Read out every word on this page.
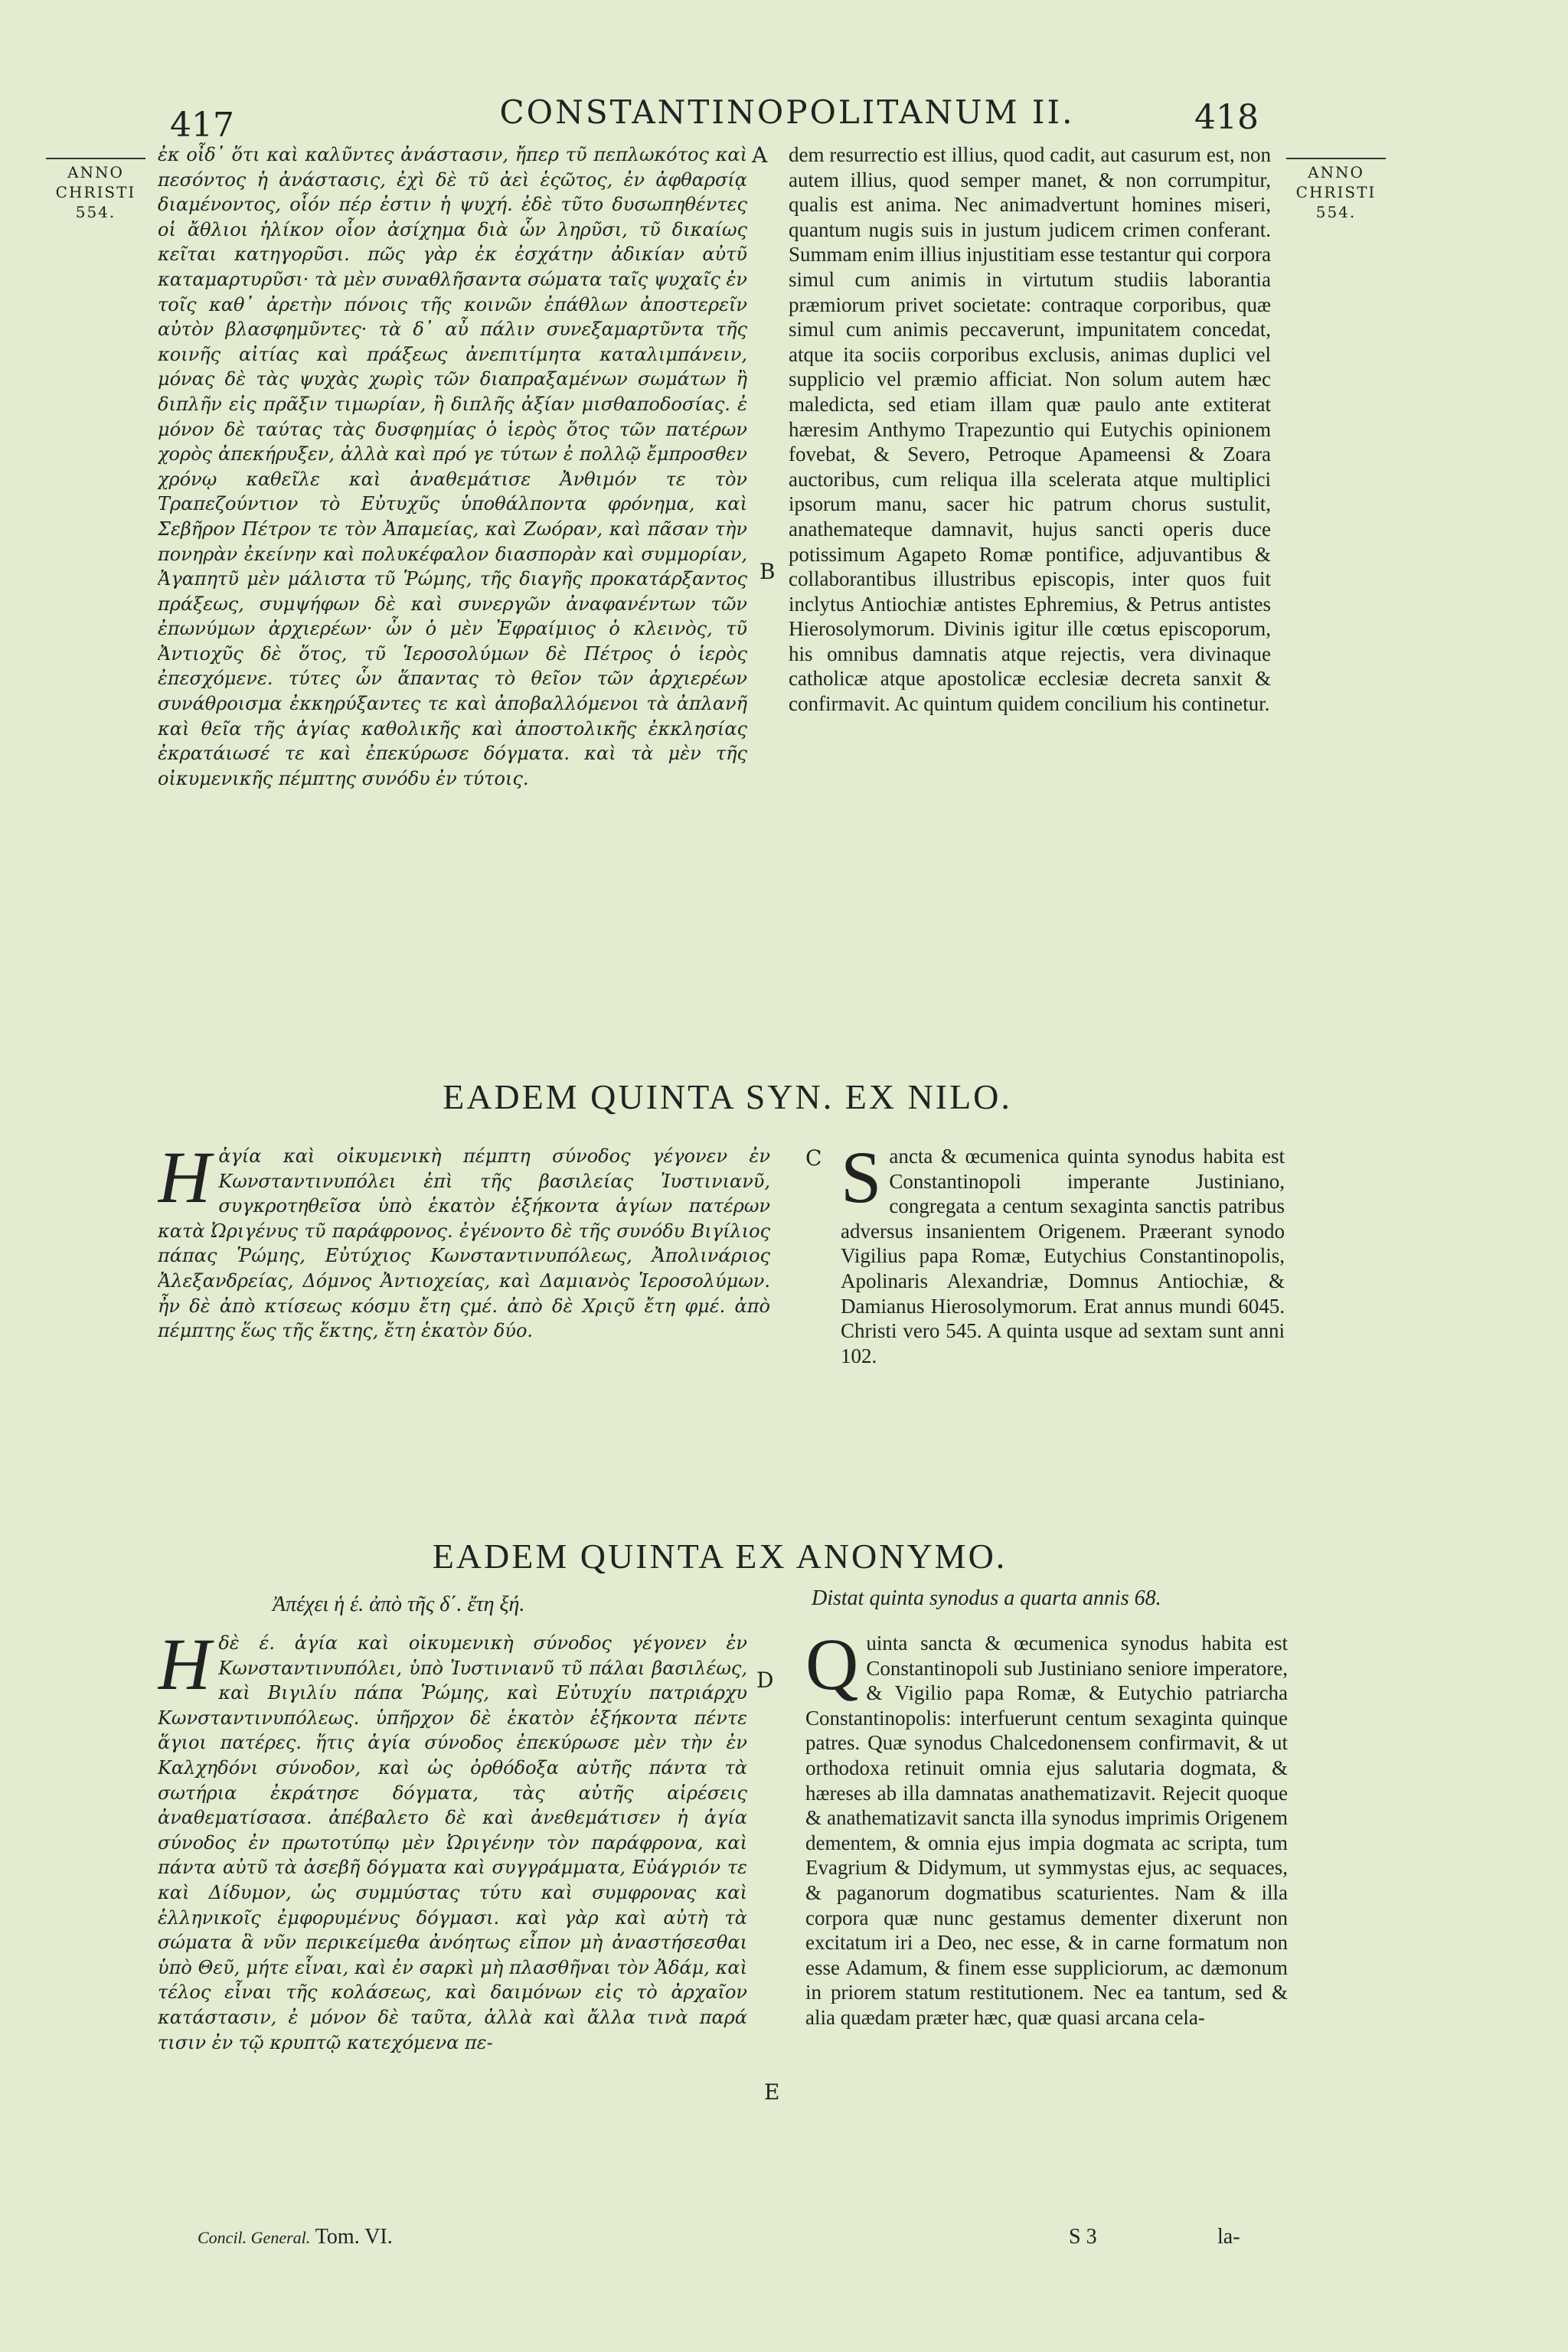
417	CONSTANTINOPOLITANUM II.	418
ANNO
CHRISTI
554.
ANNO
CHRISTI
554.
A
B
C
D
E

ἐκ οἶδ᾽ ὅτι καὶ καλῦντες ἀνάστασιν, ἤπερ τῦ πεπλωκότος καὶ πεσόντος ἡ ἀνάστασις, ἐχὶ δὲ τῦ ἀεὶ ἑςῶτος, ἐν ἀφθαρσίᾳ διαμένοντος, οἷόν πέρ ἐστιν ἡ ψυχή. ἐδὲ τῦτο δυσωπηθέντες οἱ ἄθλιοι ἡλίκον οἷον ἀσίχημα διὰ ὧν ληρῦσι, τῦ δικαίως κεῖται κατηγορῦσι. πῶς γὰρ ἐκ ἐσχάτην ἀδικίαν αὐτῦ καταμαρτυρῦσι· τὰ μὲν συναθλῆσαντα σώματα ταῖς ψυχαῖς ἐν τοῖς καθ᾽ ἀρετὴν πόνοις τῆς κοινῶν ἐπάθλων ἀποστερεῖν αὐτὸν βλασφημῦντες· τὰ δ᾽ αὖ πάλιν συνεξαμαρτῦντα τῆς κοινῆς αἰτίας καὶ πράξεως ἀνεπιτίμητα καταλιμπάνειν, μόνας δὲ τὰς ψυχὰς χωρὶς τῶν διαπραξαμένων σωμάτων ἢ διπλῆν εἰς πρᾶξιν τιμωρίαν, ἢ διπλῆς ἀξίαν μισθαποδοσίας. ἐ μόνον δὲ ταύτας τὰς δυσφημίας ὁ ἱερὸς ὅτος τῶν πατέρων χορὸς ἀπεκήρυξεν, ἀλλὰ καὶ πρό γε τύτων ἐ πολλῷ ἔμπροσθεν χρόνῳ καθεῖλε καὶ ἀναθεμάτισε Ἀνθιμόν τε τὸν Τραπεζούντιον τὸ Εὐτυχῦς ὑποθάλποντα φρόνημα, καὶ Σεβῆρον Πέτρον τε τὸν Ἀπαμείας, καὶ Ζωόραν, καὶ πᾶσαν τὴν πονηρὰν ἐκείνην καὶ πολυκέφαλον διασπορὰν καὶ συμμορίαν, Ἀγαπητῦ μὲν μάλιστα τῦ Ῥώμης, τῆς διαγῆς προκατάρξαντος πράξεως, συμψήφων δὲ καὶ συνεργῶν ἀναφανέντων τῶν ἐπωνύμων ἀρχιερέων· ὧν ὁ μὲν Ἐφραίμιος ὁ κλεινὸς, τῦ Ἀντιοχῦς δὲ ὅτος, τῦ Ἱεροσολύμων δὲ Πέτρος ὁ ἱερὸς ἐπεσχόμενε. τύτες ὧν ἅπαντας τὸ θεῖον τῶν ἀρχιερέων συνάθροισμα ἐκκηρύξαντες τε καὶ ἀποβαλλόμενοι τὰ ἀπλανῆ καὶ θεῖα τῆς ἁγίας καθολικῆς καὶ ἀποστολικῆς ἐκκλησίας ἐκρατάιωσέ τε καὶ ἐπεκύρωσε δόγματα. καὶ τὰ μὲν τῆς οἰκυμενικῆς πέμπτης συνόδυ ἐν τύτοις.

dem resurrectio est illius, quod cadit, aut casurum est, non autem illius, quod semper manet, & non corrumpitur, qualis est anima. Nec animadvertunt homines miseri, quantum nugis suis in justum judicem crimen conferant. Summam enim illius injustitiam esse testantur qui corpora simul cum animis in virtutum studiis laborantia præmiorum privet societate: contraque corporibus, quæ simul cum animis peccaverunt, impunitatem concedat, atque ita sociis corporibus exclusis, animas duplici vel supplicio vel præmio afficiat. Non solum autem hæc maledicta, sed etiam illam quæ paulo ante extiterat hæresim Anthymo Trapezuntio qui Eutychis opinionem fovebat, & Severo, Petroque Apameensi & Zoara auctoribus, cum reliqua illa scelerata atque multiplici ipsorum manu, sacer hic patrum chorus sustulit, anathemateque damnavit, hujus sancti operis duce potissimum Agapeto Romæ pontifice, adjuvantibus & collaborantibus illustribus episcopis, inter quos fuit inclytus Antiochiæ antistes Ephremius, & Petrus antistes Hierosolymorum. Divinis igitur ille cœtus episcoporum, his omnibus damnatis atque rejectis, vera divinaque catholicæ atque apostolicæ ecclesiæ decreta sanxit & confirmavit. Ac quintum quidem concilium his continetur.

EADEM QUINTA SYN. EX NILO.
Η ἁγία καὶ οἰκυμενικὴ πέμπτη σύνοδος γέγονεν ἐν Κωνσταντινυπόλει ἐπὶ τῆς βασιλείας Ἰυστινιανῦ, συγκροτηθεῖσα ὑπὸ ἑκατὸν ἑξήκοντα ἁγίων πατέρων κατὰ Ὠριγένυς τῦ παράφρονος. ἐγένοντο δὲ τῆς συνόδυ Βιγίλιος πάπας Ῥώμης, Εὐτύχιος Κωνσταντινυπόλεως, Ἀπολινάριος Ἀλεξανδρείας, Δόμνος Ἀντιοχείας, καὶ Δαμιανὸς Ἱεροσολύμων. ἦν δὲ ἀπὸ κτίσεως κόσμυ ἔτη ςμέ. ἀπὸ δὲ Χριςῦ ἔτη φμέ. ἀπὸ πέμπτης ἕως τῆς ἕκτης, ἔτη ἑκατὸν δύο.

S ancta & œcumenica quinta synodus habita est Constantinopoli imperante Justiniano, congregata a centum sexaginta sanctis patribus adversus insanientem Origenem. Præerant synodo Vigilius papa Romæ, Eutychius Constantinopolis, Apolinaris Alexandriæ, Domnus Antiochiæ, & Damianus Hierosolymorum. Erat annus mundi 6045. Christi vero 545. A quinta usque ad sextam sunt anni 102.

EADEM QUINTA EX ANONYMO.
Ἀπέχει ἡ έ. ἀπὸ τῆς δ΄. ἔτη ξή.	Distat quinta synodus a quarta annis 68.
Η δὲ έ. ἁγία καὶ οἰκυμενικὴ σύνοδος γέγονεν ἐν Κωνσταντινυπόλει, ὑπὸ Ἰυστινιανῦ τῦ πάλαι βασιλέως, καὶ Βιγιλίυ πάπα Ῥώμης, καὶ Εὐτυχίυ πατριάρχυ Κωνσταντινυπόλεως. ὑπῆρχον δὲ ἑκατὸν ἑξήκοντα πέντε ἅγιοι πατέρες. ἥτις ἁγία σύνοδος ἐπεκύρωσε μὲν τὴν ἐν Καλχηδόνι σύνοδον, καὶ ὡς ὀρθόδοξα αὐτῆς πάντα τὰ σωτήρια ἐκράτησε δόγματα, τὰς αὐτῆς αἱρέσεις ἀναθεματίσασα. ἀπέβαλετο δὲ καὶ ἀνεθεμάτισεν ἡ ἁγία σύνοδος ἐν πρωτοτύπῳ μὲν Ὠριγένην τὸν παράφρονα, καὶ πάντα αὐτῦ τὰ ἀσεβῆ δόγματα καὶ συγγράμματα, Εὐάγριόν τε καὶ Δίδυμον, ὡς συμμύστας τύτυ καὶ συμφρονας καὶ ἑλληνικοῖς ἐμφορυμένυς δόγμασι. καὶ γὰρ καὶ αὐτὴ τὰ σώματα ἃ νῦν περικείμεθα ἀνόητως εἶπον μὴ ἀναστήσεσθαι ὑπὸ Θεῦ, μήτε εἶναι, καὶ ἐν σαρκὶ μὴ πλασθῆναι τὸν Ἀδάμ, καὶ τέλος εἶναι τῆς κολάσεως, καὶ δαιμόνων εἰς τὸ ἀρχαῖον κατάστασιν, ἐ μόνον δὲ ταῦτα, ἀλλὰ καὶ ἄλλα τινὰ παρά τισιν ἐν τῷ κρυπτῷ κατεχόμενα πε-

Q uinta sancta & œcumenica synodus habita est Constantinopoli sub Justiniano seniore imperatore, & Vigilio papa Romæ, & Eutychio patriarcha Constantinopolis: interfuerunt centum sexaginta quinque patres. Quæ synodus Chalcedonensem confirmavit, & ut orthodoxa retinuit omnia ejus salutaria dogmata, & hæreses ab illa damnatas anathematizavit. Rejecit quoque & anathematizavit sancta illa synodus imprimis Origenem dementem, & omnia ejus impia dogmata ac scripta, tum Evagrium & Didymum, ut symmystas ejus, ac sequaces, & paganorum dogmatibus scaturientes. Nam & illa corpora quæ nunc gestamus dementer dixerunt non excitatum iri a Deo, nec esse, & in carne formatum non esse Adamum, & finem esse suppliciorum, ac dæmonum in priorem statum restitutionem. Nec ea tantum, sed & alia quædam præter hæc, quæ quasi arcana cela-

Concil. General. Tom. VI.	S 3	la-
